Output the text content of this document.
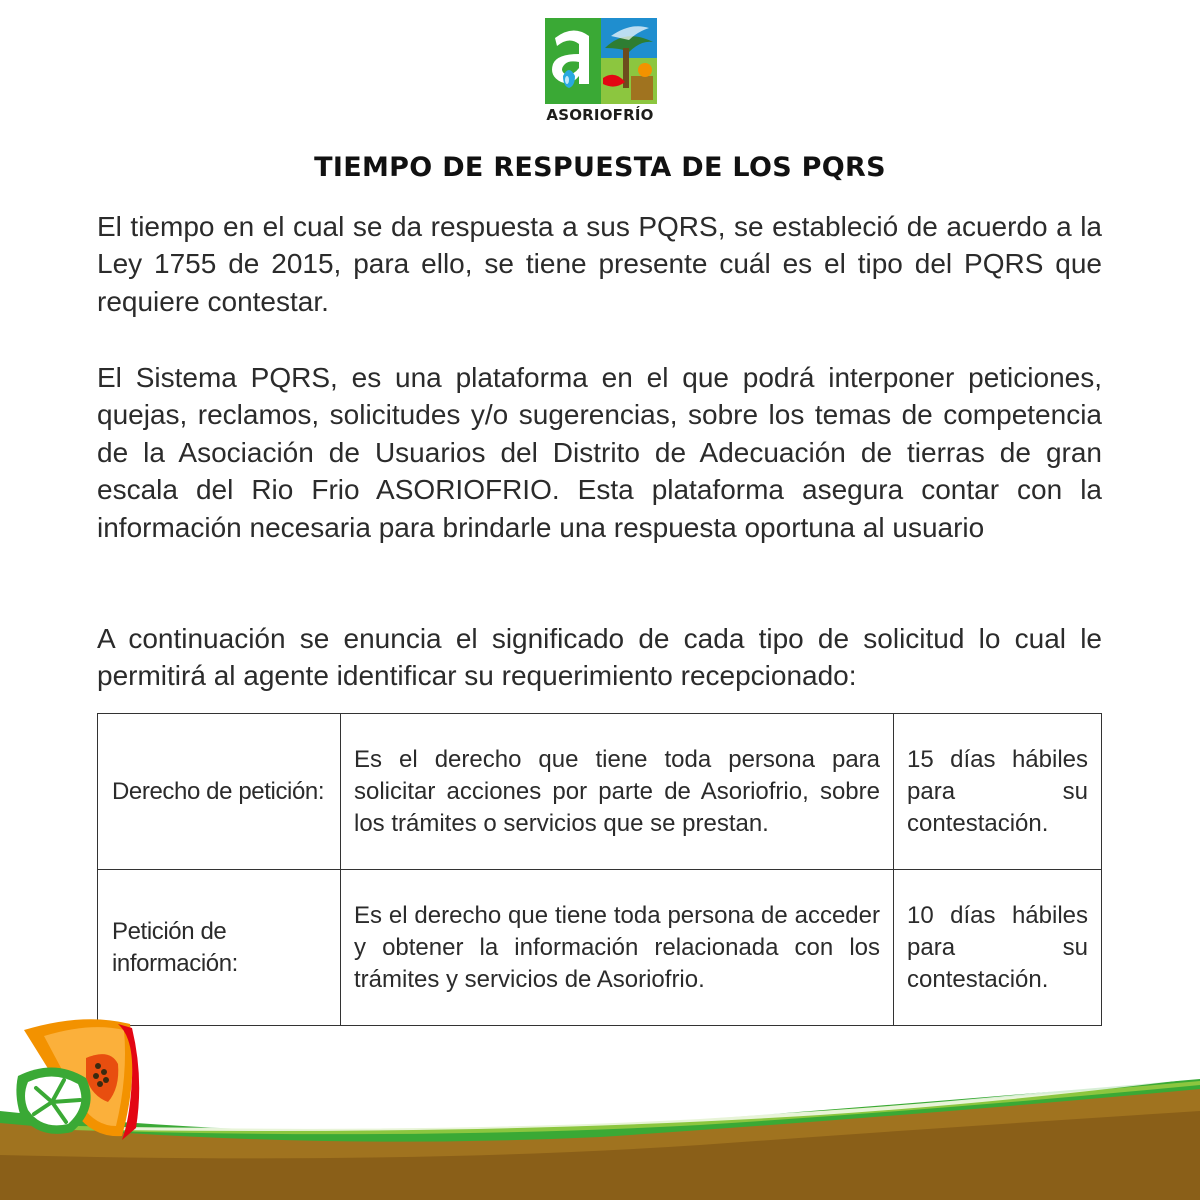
ASORIOFRÍO
TIEMPO DE RESPUESTA DE LOS PQRS

El tiempo en el cual se da respuesta a sus PQRS, se estableció de acuerdo a la Ley 1755 de 2015, para ello, se tiene presente cuál es el tipo del PQRS que requiere contestar.

El Sistema PQRS, es una plataforma en el que podrá interponer peticiones, quejas, reclamos, solicitudes y/o sugerencias, sobre los temas de competencia de la Asociación de Usuarios del Distrito de Adecuación de tierras de gran escala del Rio Frio ASORIOFRIO. Esta plataforma asegura contar con la información necesaria para brindarle una respuesta oportuna al usuario

A continuación se enuncia el significado de cada tipo de solicitud lo cual le permitirá al agente identificar su requerimiento recepcionado:

Derecho de petición:	Es el derecho que tiene toda persona para solicitar acciones por parte de Asoriofrio, sobre los trámites o servicios que se prestan.	15 días hábiles para su contestación.
Petición de información:	Es el derecho que tiene toda persona de acceder y obtener la información relacionada con los trámites y servicios de Asoriofrio.	10 días hábiles para su contestación.
